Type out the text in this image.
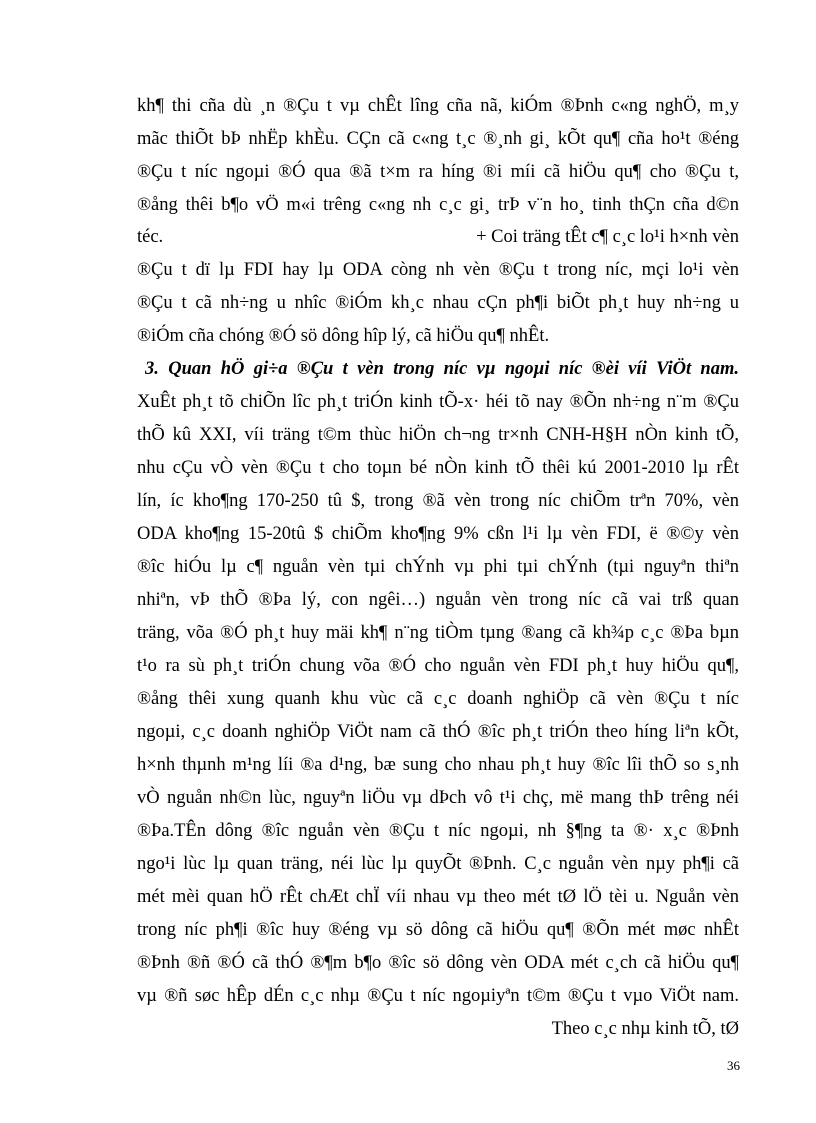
kh¶ thi cña dù ¸n ®Çu t vµ chÊt lîng cña nã, kiÓm ®Þnh c«ng nghÖ, m¸y
mãc thiÕt bÞ nhËp khÈu. CÇn cã c«ng t¸c ®¸nh gi¸ kÕt qu¶ cña ho¹t ®éng
®Çu t níc ngoµi ®Ó qua ®ã t×m ra híng ®i míi cã hiÖu qu¶ cho ®Çu t,
®ång thêi b¶o vÖ m«i trêng c«ng nh c¸c gi¸ trÞ v¨n ho¸ tinh thÇn cña d©n
téc.	+ Coi träng tÊt c¶ c¸c lo¹i h×nh vèn
®Çu t dï lµ FDI hay lµ ODA còng nh vèn ®Çu t trong níc, mçi lo¹i vèn
®Çu t cã nh÷ng u nhîc ®iÓm kh¸c nhau cÇn ph¶i biÕt ph¸t huy nh÷ng u
®iÓm cña chóng ®Ó sö dông hîp lý, cã hiÖu qu¶ nhÊt.
3. Quan hÖ gi÷a ®Çu t vèn trong níc vµ ngoµi níc ®èi víi ViÖt nam.
XuÊt ph¸t tõ chiÕn lîc ph¸t triÓn kinh tÕ-x· héi tõ nay ®Õn nh÷ng n¨m ®Çu
thÕ kû XXI, víi träng t©m thùc hiÖn ch¬ng tr×nh CNH-H§H nÒn kinh tÕ,
nhu cÇu vÒ vèn ®Çu t cho toµn bé nÒn kinh tÕ thêi kú 2001-2010 lµ rÊt
lín, íc kho¶ng 170-250 tû $, trong ®ã vèn trong níc chiÕm trªn 70%, vèn
ODA kho¶ng 15-20tû $ chiÕm kho¶ng 9% cßn l¹i lµ vèn FDI, ë ®©y vèn
®îc hiÓu lµ c¶ nguån vèn tµi chÝnh vµ phi tµi chÝnh (tµi nguyªn thiªn
nhiªn, vÞ thÕ ®Þa lý, con ngêi…) nguån vèn trong níc cã vai trß quan
träng, võa ®Ó ph¸t huy mäi kh¶ n¨ng tiÒm tµng ®ang cã kh¾p c¸c ®Þa bµn
t¹o ra sù ph¸t triÓn chung võa ®Ó cho nguån vèn FDI ph¸t huy hiÖu qu¶,
®ång thêi xung quanh khu vùc cã c¸c doanh nghiÖp cã vèn ®Çu t níc
ngoµi, c¸c doanh nghiÖp ViÖt nam cã thÓ ®îc ph¸t triÓn theo híng liªn kÕt,
h×nh thµnh m¹ng líi ®a d¹ng, bæ sung cho nhau ph¸t huy ®îc lîi thÕ so s¸nh
vÒ nguån nh©n lùc, nguyªn liÖu vµ dÞch vô t¹i chç, më mang thÞ trêng néi
®Þa.TÊn dông ®îc nguån vèn ®Çu t níc ngoµi, nh §¶ng ta ®· x¸c ®Þnh
ngo¹i lùc lµ quan träng, néi lùc lµ quyÕt ®Þnh. C¸c nguån vèn nµy ph¶i cã
mét mèi quan hÖ rÊt chÆt chÏ víi nhau vµ theo mét tØ lÖ tèi u. Nguån vèn
trong níc ph¶i ®îc huy ®éng vµ sö dông cã hiÖu qu¶ ®Õn mét møc nhÊt
®Þnh ®ñ ®Ó cã thÓ ®¶m b¶o ®îc sö dông vèn ODA mét c¸ch cã hiÖu qu¶
vµ ®ñ søc hÊp dÉn c¸c nhµ ®Çu t níc ngoµiyªn t©m ®Çu t vµo ViÖt nam.
Theo c¸c nhµ kinh tÕ, tØ
36
